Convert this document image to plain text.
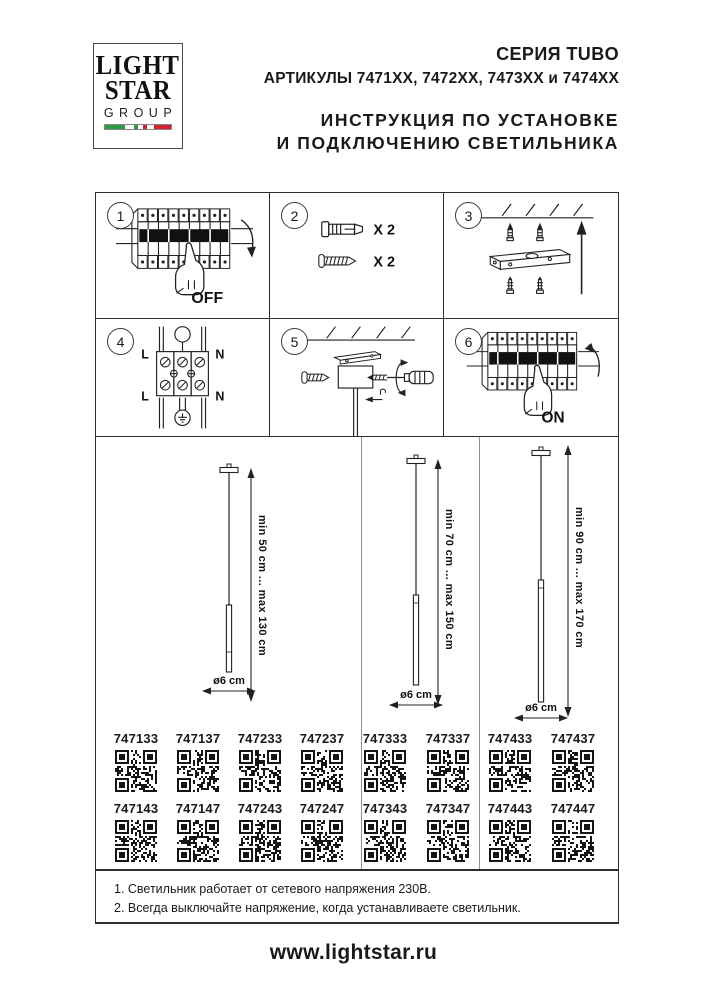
LIGHT
STAR
GROUP
СЕРИЯ TUBO
АРТИКУЛЫ 7471XX, 7472XX, 7473XX и 7474XX
ИНСТРУКЦИЯ ПО УСТАНОВКЕ
И ПОДКЛЮЧЕНИЮ СВЕТИЛЬНИКА
1
OFF
2
X 2
X 2
3
4
L	N
L	N
5	6
ON
min 50 cm ... max 130 cm	min 70 cm ... max 150 cm	min 90 cm ... max 170 cm
ø6 cm
ø6 cm
ø6 cm
747133	747137	747233	747237	747333	747337	747433	747437
747143	747147	747243	747247	747343	747347	747443	747447
1. Светильник работает от сетевого напряжения 230В.
2. Всегда выключайте напряжение, когда устанавливаете светильник.
www.lightstar.ru
